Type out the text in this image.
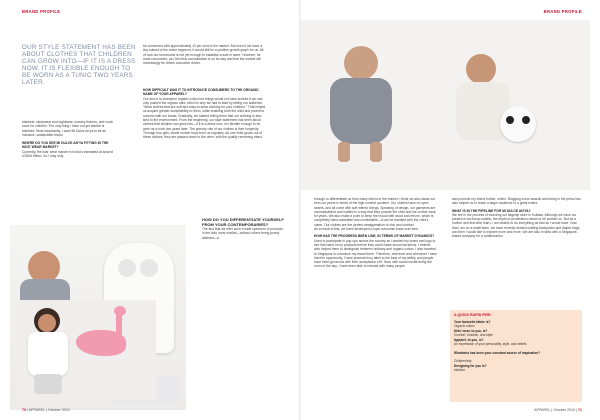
BRAND PROFILE
OUR STYLE STATEMENT HAS BEEN ABOUT CLOTHES THAT CHILDREN CAN GROW INTO—IF IT IS A DRESS NOW, IT IS FLEXIBLE ENOUGH TO BE WORN AS A TUNIC TWO YEARS LATER.
blankets, sleepwear and nightwear, nursery fixtures, and much more for children. The only thing I have not yet started is toiletries. Most importantly, I want Mi Dulce An'ya to be an inclusive, sustainable brand.
WHERE DO YOU SEE MI DULCE AN'YA FITTING IN THE KIDS' WEAR MARKET?
Currently, the kids' wear market in India is estimated at around US$16 billion. So I may only
be concerned with approximately 10 per cent of the market. But even if we have a tiny subset of the entire segment, it would still be a positive growth graph for us. All of how our turnaround is not yet enough to establish a sale in store. However, for most consumers, as I feel that consolidation is on its way and that the market will increasingly be driven consumer driven.
HOW DIFFICULT WAS IT TO INTRODUCE CONSUMERS TO THE ORGANIC NAME OF YOUR APPAREL?
Our aim is to champion organic cotton but things would not have worked if we had only pushed the organic card, which is why we had to start by telling our audience, "Wear clothes that are soft and easy-to-wear clothing for your children." That helped us acquire greater acceptability to them, while enabling both the child and parent to connect with our brand. Gradually, we started telling them that our clothing is also kind to the environment. From the beginning, our style statement has been about clothes that children can grow into—if it is a dress now, it is flexible enough to be worn as a tunic two years later. The primary role of our clothes is their longevity. Through four girls, whole mother buys from us regularly. As one child grows out of these clothes, they are passed down to the other, with the quality remaining intact.
HOW DO YOU DIFFERENTIATE YOURSELF FROM YOUR CONTEMPORARIES?
The fact that we offer such a wide spectrum of products in the kids' wear market—without others being purely abstract—a
70 | APPAREL | October 2019
BRAND PROFILE
enough to differentiate us from many others in the market. I think we also stand out from our peers in terms of the high comfort quotient. Our clothes have no open seams, and all come with soft interior linings. Speaking of design, our garments are conceptualised and crafted in a way that they provide the child and his mother ease for years. We also make a point to keep the mould with wood and reform, which is completely hand-washable and comfortable—it can be handled with the child's name. Our clothes are the perfect amalgamation of chic and comfort.
As a result of this, we have developed a loyal consumer base over time.
HOW HAS THE PROGRESS BEEN LINE, IN TERMS OF MARKET DYNAMICS?
Used to participate in pop-ups across the country as I wanted my brand and logo to see first-hand of my products before they could make sound decisions. I believe, also helped them to distinguish between ordinary and organic cotton. I also traveled to Singapore to introduce my brand there. Therefore, wherever and whenever I have had the opportunity, I have promoted my label to the best of my ability, and people have been generous with their acceptance of it. Now, with social media being the norm of the day, I have been able to interact with many people
and promote my brand further, online. Blogging a few awards and being in the press has also helped us to reach a larger audience to a great extent.
WHAT IS IN THE PIPELINE FOR MI DULCE AN'YA?
We are in the process of rounding out flagship store in Kolkata. Although we have our presence via lineup outlets, the depth of penetration needs to be worked on. But as a mother and first-time learn, I am unable to do everything as fast as I would have. Now that I am on a small team, we have recently started crafting backpacks and diaper bags and then I would like to explore more and more. We are also in talks with a Singapore-based company for a collaboration.
A QUICK RAPID FIRE:
Your favourite fabric is?
Organic cotton
Kids' wear, to you, is?
Comfort, function, and style
Apparel, to you, is?
An expression of your personality, style, and beliefs
What/who has been your constant source of inspiration?
Children/city
Designing for you is?
Intuitive
APPAREL | October 2019 | 71
